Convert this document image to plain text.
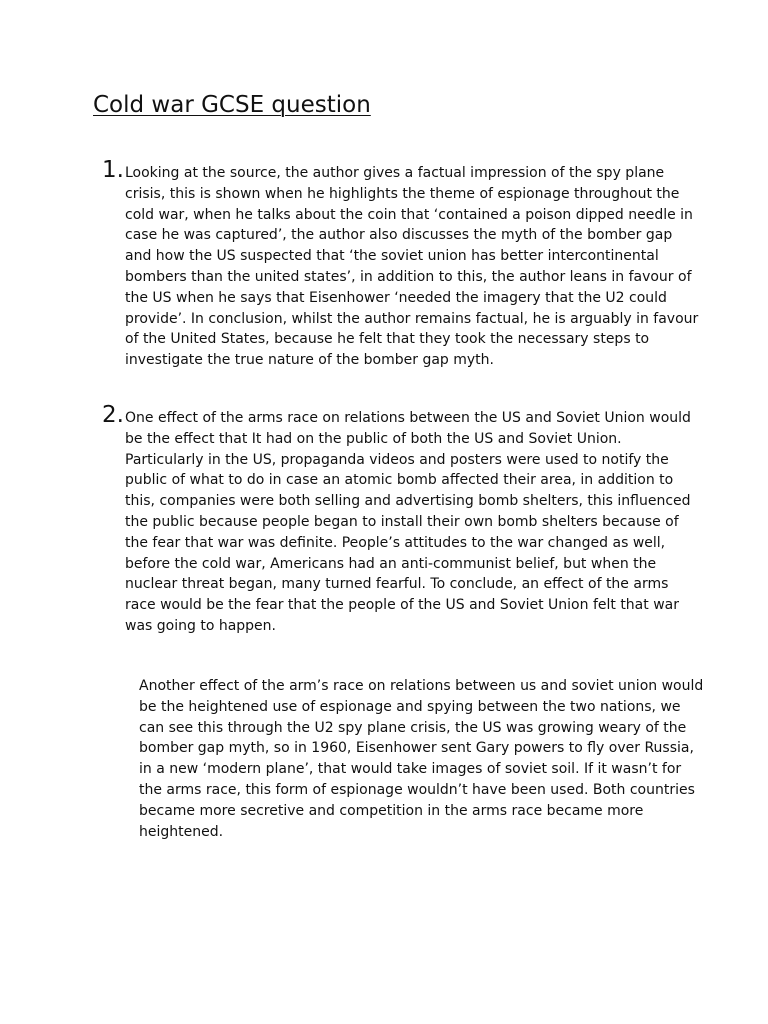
Cold war GCSE question
1. Looking at the source, the author gives a factual impression of the spy plane crisis, this is shown when he highlights the theme of espionage throughout the cold war, when he talks about the coin that ‘contained a poison dipped needle in case he was captured’, the author also discusses the myth of the bomber gap and how the US suspected that ‘the soviet union has better intercontinental bombers than the united states’, in addition to this, the author leans in favour of the US when he says that Eisenhower ‘needed the imagery that the U2 could provide’. In conclusion, whilst the author remains factual, he is arguably in favour of the United States, because he felt that they took the necessary steps to investigate the true nature of the bomber gap myth.

2. One effect of the arms race on relations between the US and Soviet Union would be the effect that It had on the public of both the US and Soviet Union. Particularly in the US, propaganda videos and posters were used to notify the public of what to do in case an atomic bomb affected their area, in addition to this, companies were both selling and advertising bomb shelters, this influenced the public because people began to install their own bomb shelters because of the fear that war was definite. People’s attitudes to the war changed as well, before the cold war, Americans had an anti-communist belief, but when the nuclear threat began, many turned fearful. To conclude, an effect of the arms race would be the fear that the people of the US and Soviet Union felt that war was going to happen.

Another effect of the arm’s race on relations between us and soviet union would be the heightened use of espionage and spying between the two nations, we can see this through the U2 spy plane crisis, the US was growing weary of the bomber gap myth, so in 1960, Eisenhower sent Gary powers to fly over Russia, in a new ‘modern plane’, that would take images of soviet soil. If it wasn’t for the arms race, this form of espionage wouldn’t have been used. Both countries became more secretive and competition in the arms race became more heightened.
